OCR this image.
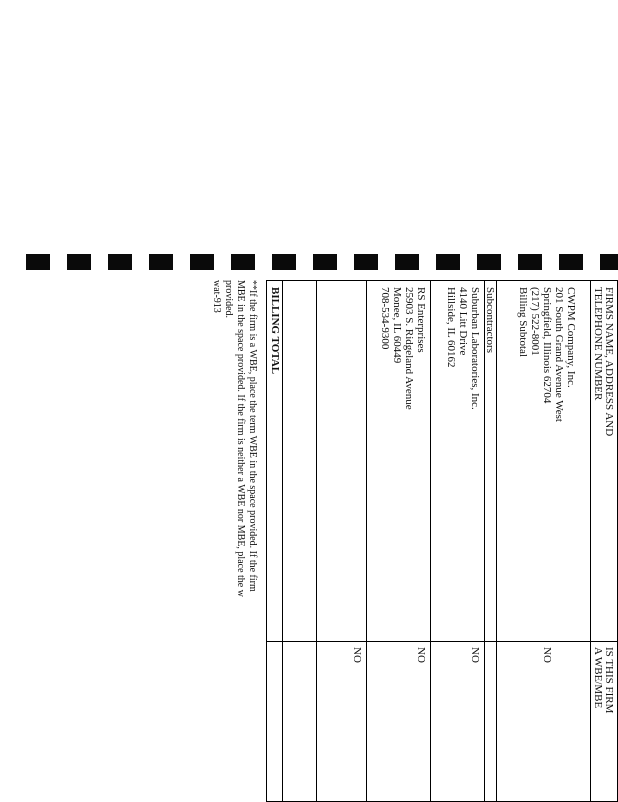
FIRMS NAME, ADDRESS AND
TELEPHONE NUMBER
IS THIS FIRM
A WBE/MBE
CWPM Company, Inc.
201 South Grand Avenue West
Springfield, Illinois 62704
(217) 522-8001
Billing Subtotal
NO
Subcontractors
Suburban Laboratories, Inc.
4140 Litt Drive
Hillside, IL 60162
NO
RS Enterprises
25903 S. Ridgeland Avenue
Monee, IL 60449
708-534-9300
NO
NO
BILLING TOTAL
**If the firm is a WBE, place the term WBE in the space provided. If the firm
MBE in the space provided. If the firm is neither a WBE nor MBE, place the w
provided.
wat-913
